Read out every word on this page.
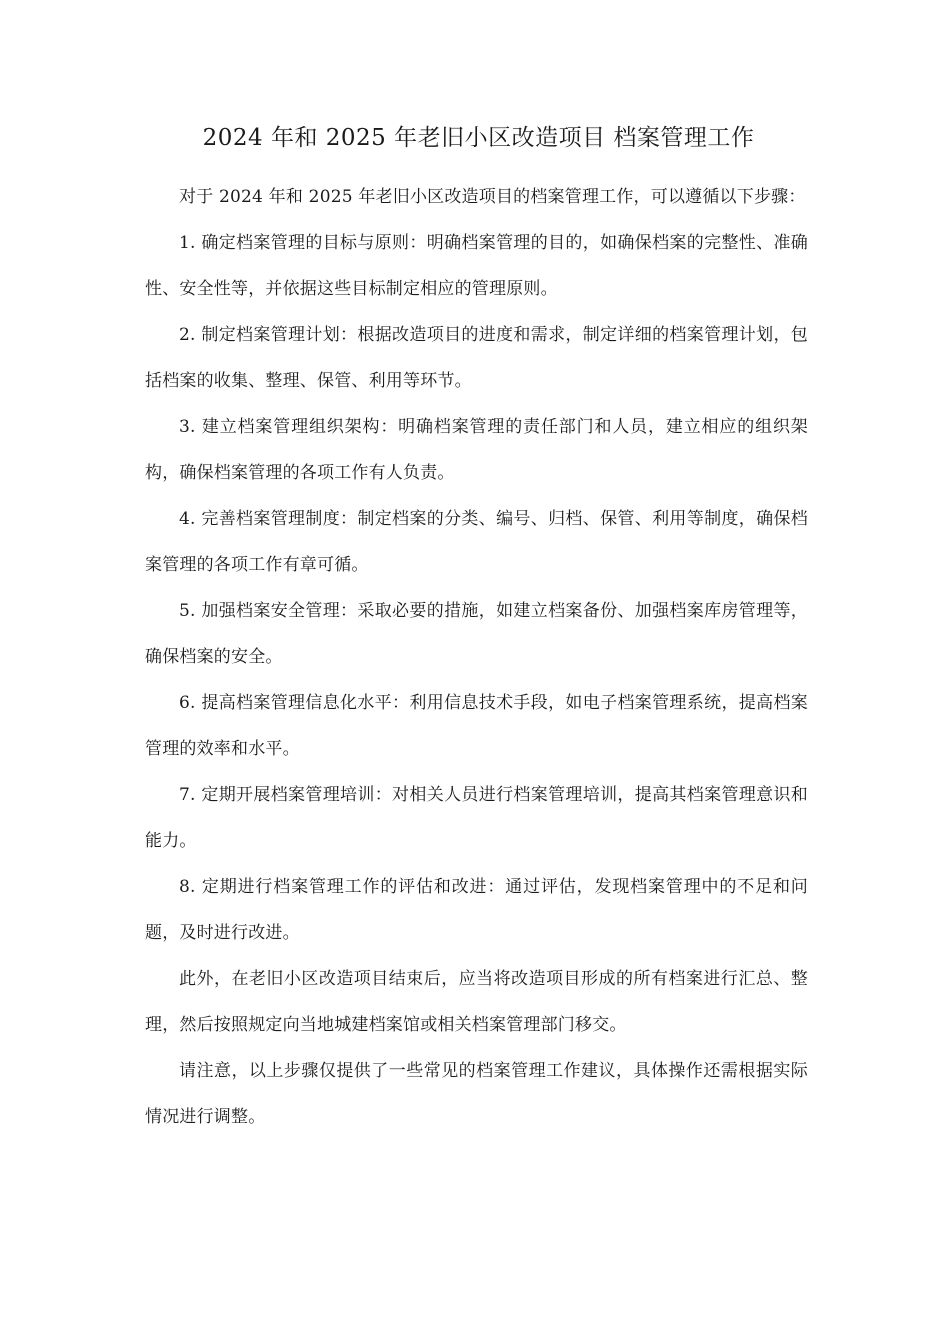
2024 年和 2025 年老旧小区改造项目 档案管理工作

对于 2024 年和 2025 年老旧小区改造项目的档案管理工作，可以遵循以下步骤：

1. 确定档案管理的目标与原则：明确档案管理的目的，如确保档案的完整性、准确性、安全性等，并依据这些目标制定相应的管理原则。

2. 制定档案管理计划：根据改造项目的进度和需求，制定详细的档案管理计划，包括档案的收集、整理、保管、利用等环节。

3. 建立档案管理组织架构：明确档案管理的责任部门和人员，建立相应的组织架构，确保档案管理的各项工作有人负责。

4. 完善档案管理制度：制定档案的分类、编号、归档、保管、利用等制度，确保档案管理的各项工作有章可循。

5. 加强档案安全管理：采取必要的措施，如建立档案备份、加强档案库房管理等，确保档案的安全。

6. 提高档案管理信息化水平：利用信息技术手段，如电子档案管理系统，提高档案管理的效率和水平。

7. 定期开展档案管理培训：对相关人员进行档案管理培训，提高其档案管理意识和能力。

8. 定期进行档案管理工作的评估和改进：通过评估，发现档案管理中的不足和问题，及时进行改进。

此外，在老旧小区改造项目结束后，应当将改造项目形成的所有档案进行汇总、整理，然后按照规定向当地城建档案馆或相关档案管理部门移交。

请注意，以上步骤仅提供了一些常见的档案管理工作建议，具体操作还需根据实际情况进行调整。
